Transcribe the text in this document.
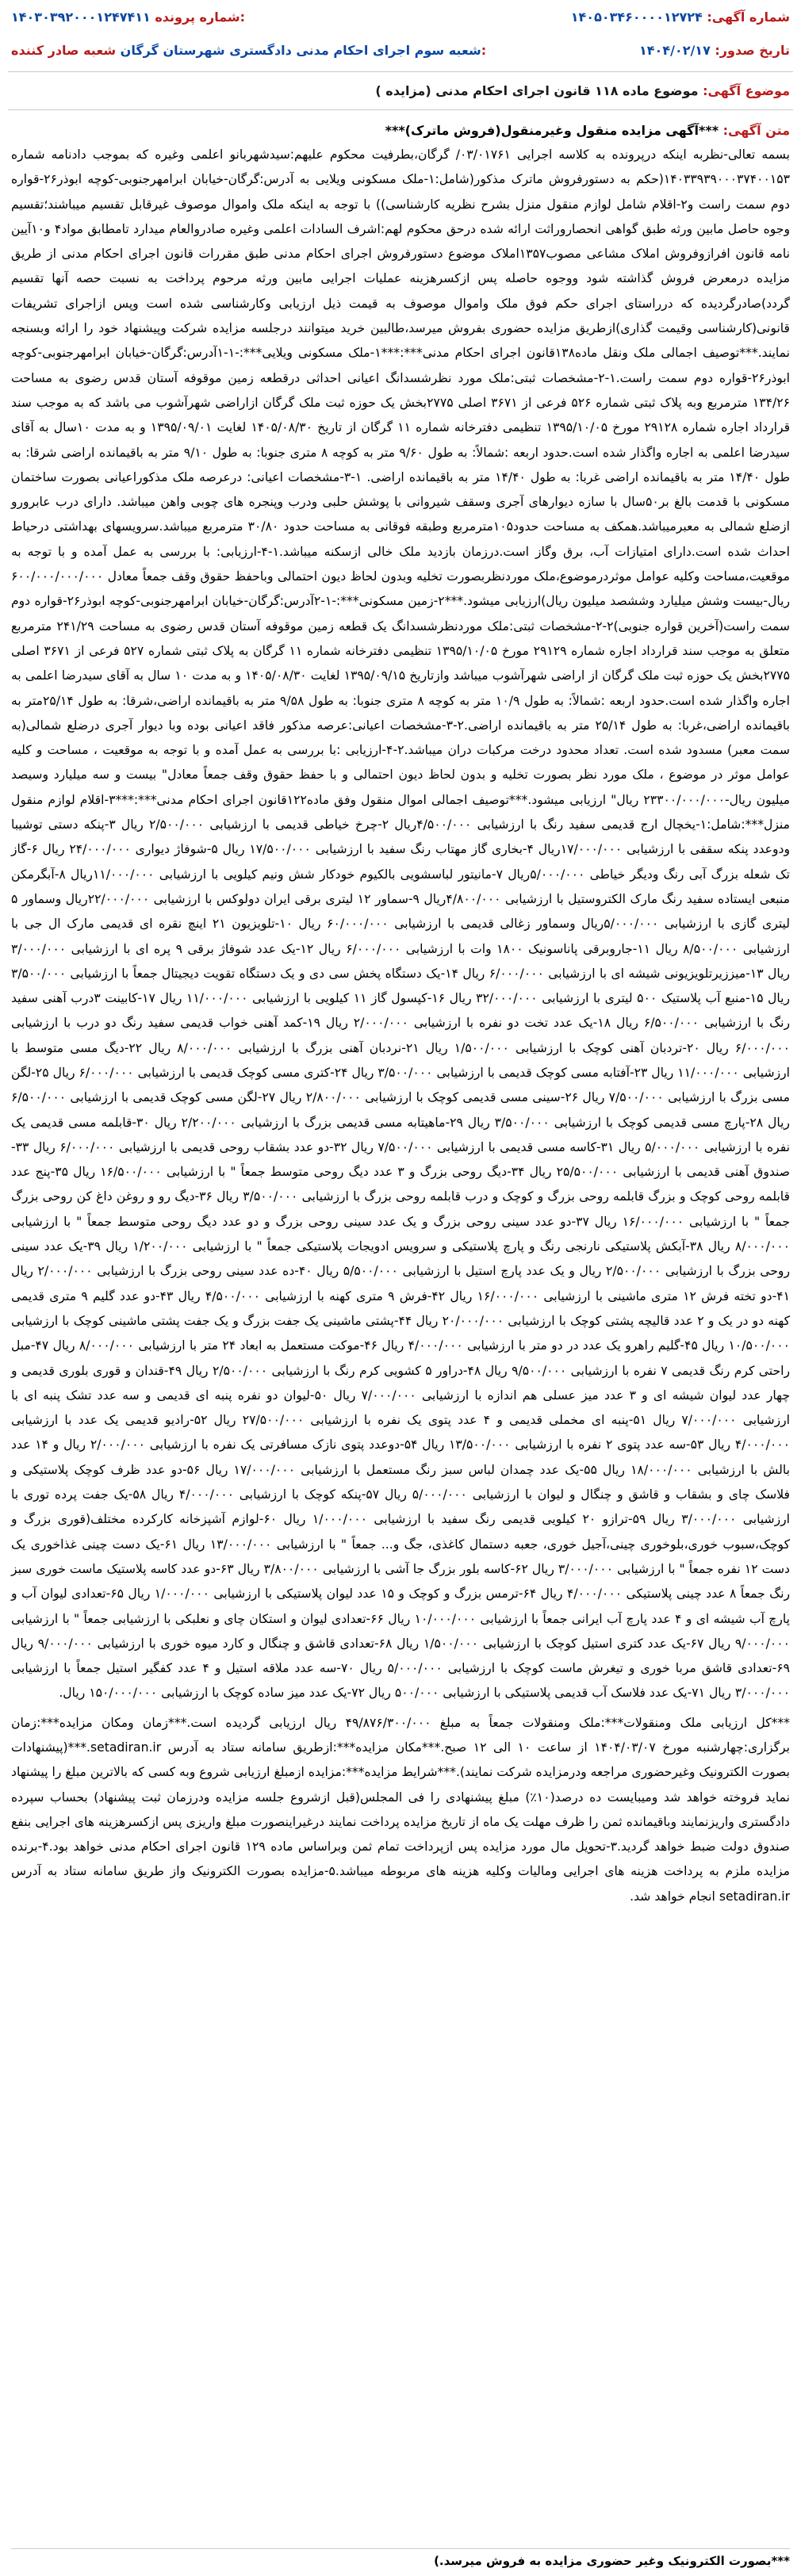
شماره آگهی: ۱۴۰۵۰۳۴۶۰۰۰۰۱۲۷۲۴	۱۴۰۳۰۳۹۲۰۰۰۱۲۴۷۴۱۱ شماره پرونده:
تاریخ صدور: ۱۴۰۴/۰۲/۱۷	شعبه سوم اجرای احکام مدنی دادگستری شهرستان گرگان شعبه صادر کننده:
موضوع آگهی: موضوع ماده ۱۱۸ قانون اجرای احکام مدنی (مزایده )
متن آگهی: ***آگهی مزایده منقول وغیرمنقول(فروش ماترک)***

بسمه تعالی-نظربه اینکه درپرونده به کلاسه اجرایی ۰۳/۰۱۷۶۱/ گرگان،بطرفیت محکوم علیهم:سیدشهربانو اعلمی وغیره که بموجب دادنامه شماره ۱۴۰۳۳۹۳۹۰۰۰۳۷۴۰۰۱۵۳(حکم به دستورفروش ماترک مذکور(شامل:۱-ملک مسکونی ویلایی به آدرس:گرگان-خیابان ابرامهرجنوبی-کوچه ابوذر۲۶-قواره دوم سمت راست و۲-اقلام شامل لوازم منقول منزل بشرح نظریه کارشناسی)) با توجه به اینکه ملک واموال موصوف غیرقابل تقسیم میباشند؛تقسیم وجوه حاصل مابین ورثه طبق گواهی انحصاروراثت ارائه شده درحق محکوم لهم:اشرف السادات اعلمی وغیره صادروالعام میدارد تامطابق مواد۴ و۱۰آیین نامه قانون افرازوفروش املاک مشاعی مصوب۱۳۵۷املاک موضوع دستورفروش اجرای احکام مدنی طبق مقررات قانون اجرای احکام مدنی از طریق مزایده درمعرض فروش گذاشته شود ووجوه حاصله پس ازکسرهزینه عملیات اجرایی مابین ورثه مرحوم پرداخت به نسبت حصه آنها تقسیم گردد)صادرگردیده که درراستای اجرای حکم فوق ملک واموال موصوف به قیمت ذیل ارزیابی وکارشناسی شده است وپس ازاجرای تشریفات قانونی(کارشناسی وقیمت گذاری)ازطریق مزایده حضوری بفروش میرسد،طالبین خرید میتوانند درجلسه مزایده شرکت وپیشنهاد خود را ارائه وبسنجه نمایند.***توصیف اجمالی ملک ونقل ماده۱۳۸قانون اجرای احکام مدنی***:***۱-ملک مسکونی ویلایی***:-۱-۱آدرس:گرگان-خیابان ابرامهرجنوبی-کوچه ابوذر۲۶-قواره دوم سمت راست.۱-۲-مشخصات ثبتی:ملک مورد نظرشسدانگ اعیانی احداثی درقطعه زمین موقوفه آستان قدس رضوی به مساحت ۱۳۴/۲۶ مترمربع وبه پلاک ثبتی شماره ۵۲۶ فرعی از ۳۶۷۱ اصلی ۲۷۷۵بخش یک حوزه ثبت ملک گرگان ازاراضی شهرآشوب می باشد که به موجب سند قرارداد اجاره شماره ۲۹۱۲۸ مورخ ۱۳۹۵/۱۰/۰۵ تنظیمی دفترخانه شماره ۱۱ گرگان از تاریخ ۱۴۰۵/۰۸/۳۰ لغایت ۱۳۹۵/۰۹/۰۱ و به مدت ۱۰سال به آقای سیدرضا اعلمی به اجاره واگذار شده است.حدود اربعه :شمالاً: به طول ۹/۶۰ متر به کوچه ۸ متری جنوبا: به طول ۹/۱۰ متر به باقیمانده اراضی شرقا: به طول ۱۴/۴۰ متر به باقیمانده اراضی غربا: به طول ۱۴/۴۰ متر به باقیمانده اراضی. ۱-۳-مشخصات اعیانی: درعرصه ملک مذکوراعیانی بصورت ساختمان مسکونی با قدمت بالغ بر۵۰سال با سازه دیوارهای آجری وسقف شیروانی با پوشش حلبی ودرب وپنجره های چوبی واهن میباشد. دارای درب عابرورو ازضلع شمالی به معبرمیباشد.همکف به مساحت حدود۱۰۵مترمربع وطبقه فوقانی به مساحت حدود ۳۰/۸۰ مترمربع میباشد.سرویسهای بهداشتی درحیاط احداث شده است.دارای امتیازات آب، برق وگاز است.درزمان بازدید ملک خالی ازسکنه میباشد.۱-۴-ارزیابی: با بررسی به عمل آمده و با توجه به موقعیت،مساحت وکلیه عوامل موثردرموضوع،ملک موردنظربصورت تخلیه وبدون لحاظ دیون احتمالی وباحفظ حقوق وقف جمعاً معادل ۶۰۰/۰۰۰/۰۰۰/۰۰۰ ریال-بیست وشش میلیارد وششصد میلیون ریال)ارزیابی میشود.***۲-زمین مسکونی***:-۱-۲آدرس:گرگان-خیابان ابرامهرجنوبی-کوچه ابوذر۲۶-قواره دوم سمت راست(آخرین قواره جنوبی)۲-۲-مشخصات ثبتی:ملک موردنظرشسدانگ یک قطعه زمین موقوفه آستان قدس رضوی به مساحت ۲۴۱/۲۹ مترمربع متعلق به موجب سند قرارداد اجاره شماره ۲۹۱۲۹ مورخ ۱۳۹۵/۱۰/۰۵ تنظیمی دفترخانه شماره ۱۱ گرگان به پلاک ثبتی شماره ۵۲۷ فرعی از ۳۶۷۱ اصلی ۲۷۷۵بخش یک حوزه ثبت ملک گرگان از اراضی شهرآشوب میباشد وازتاریخ ۱۳۹۵/۰۹/۱۵ لغایت ۱۴۰۵/۰۸/۳۰ و به مدت ۱۰ سال به آقای سیدرضا اعلمی به اجاره واگذار شده است.حدود اربعه :شمالاً: به طول ۱۰/۹ متر به کوچه ۸ متری جنوبا: به طول ۹/۵۸ متر به باقیمانده اراضی،شرقا: به طول ۲۵/۱۴متر به باقیمانده اراضی،غربا: به طول ۲۵/۱۴ متر به باقیمانده اراضی.۲-۳-مشخصات اعیانی:عرصه مذکور فاقد اعیانی بوده وبا دیوار آجری درضلع شمالی(به سمت معبر) مسدود شده است. تعداد محدود درخت مرکبات دران میباشد.۲-۴-ارزیابی :با بررسی به عمل آمده و با توجه به موقعیت ، مساحت و کلیه عوامل موثر در موضوع ، ملک مورد نظر بصورت تخلیه و بدون لحاظ دیون احتمالی و با حفظ حقوق وقف جمعاً معادل" بیست و سه میلیارد وسیصد میلیون ریال-۲۳۳۰۰/۰۰۰/۰۰۰ ریال" ارزیابی میشود.***توصیف اجمالی اموال منقول وفق ماده۱۲۲قانون اجرای احکام مدنی***:***۳-اقلام لوازم منقول منزل***:شامل:۱-یخچال ارج قدیمی سفید رنگ با ارزشیابی ۴/۵۰۰/۰۰۰ریال ۲-چرخ خیاطی قدیمی با ارزشیابی ۲/۵۰۰/۰۰۰ ریال ۳-پنکه دستی توشیبا ودوعدد پنکه سقفی با ارزشیابی ۱۷/۰۰۰/۰۰۰ریال ۴-بخاری گاز مهتاب رنگ سفید با ارزشیابی ۱۷/۵۰۰/۰۰۰ ریال ۵-شوفاژ دیواری ۲۴/۰۰۰/۰۰۰ ریال ۶-گاز تک شعله بزرگ آبی رنگ ودیگر خیاطی ۵/۰۰۰/۰۰۰ریال ۷-مانیتور لباسشویی بالکیوم خودکار شش ونیم کیلویی با ارزشیابی ۱۱/۰۰۰/۰۰۰ریال ۸-آبگرمکن منبعی ایستاده سفید رنگ مارک الکتروستیل با ارزشیابی ۴/۸۰۰/۰۰۰ریال ۹-سماور ۱۲ لیتری برقی ایران دولوکس با ارزشیابی ۲۲/۰۰۰/۰۰۰ریال وسماور ۵ لیتری گازی با ارزشیابی ۵/۰۰۰/۰۰۰ریال وسماور زغالی قدیمی با ارزشیابی ۶۰/۰۰۰/۰۰۰ ریال ۱۰-تلویزیون ۲۱ اینچ نقره ای قدیمی مارک ال جی با ارزشیابی ۸/۵۰۰/۰۰۰ ریال ۱۱-جاروبرقی پاناسونیک ۱۸۰۰ وات با ارزشیابی ۶/۰۰۰/۰۰۰ ریال ۱۲-یک عدد شوفاژ برقی ۹ پره ای با ارزشیابی ۳/۰۰۰/۰۰۰ ریال ۱۳-میززیرتلویزیونی شیشه ای با ارزشیابی ۶/۰۰۰/۰۰۰ ریال ۱۴-یک دستگاه پخش سی دی و یک دستگاه تقویت دیجیتال جمعاً با ارزشیابی ۳/۵۰۰/۰۰۰ ریال ۱۵-منبع آب پلاستیک ۵۰۰ لیتری با ارزشیابی ۳۲/۰۰۰/۰۰۰ ریال ۱۶-کپسول گاز ۱۱ کیلویی با ارزشیابی ۱۱/۰۰۰/۰۰۰ ریال ۱۷-کابینت ۳درب آهنی سفید رنگ با ارزشیابی ۶/۵۰۰/۰۰۰ ریال ۱۸-یک عدد تخت دو نفره با ارزشیابی ۲/۰۰۰/۰۰۰ ریال ۱۹-کمد آهنی خواب قدیمی سفید رنگ دو درب با ارزشیابی ۶/۰۰۰/۰۰۰ ریال ۲۰-تردبان آهنی کوچک با ارزشیابی ۱/۵۰۰/۰۰۰ ریال ۲۱-نردبان آهنی بزرگ با ارزشیابی ۸/۰۰۰/۰۰۰ ریال ۲۲-دیگ مسی متوسط با ارزشیابی ۱۱/۰۰۰/۰۰۰ ریال ۲۳-آفتابه مسی کوچک قدیمی با ارزشیابی ۳/۵۰۰/۰۰۰ ریال ۲۴-کتری مسی کوچک قدیمی با ارزشیابی ۶/۰۰۰/۰۰۰ ریال ۲۵-لگن مسی بزرگ با ارزشیابی ۷/۵۰۰/۰۰۰ ریال ۲۶-سینی مسی قدیمی کوچک با ارزشیابی ۲/۸۰۰/۰۰۰ ریال ۲۷-لگن مسی کوچک قدیمی با ارزشیابی ۶/۵۰۰/۰۰۰ ریال ۲۸-پارچ مسی قدیمی کوچک با ارزشیابی ۳/۵۰۰/۰۰۰ ریال ۲۹-ماهیتابه مسی قدیمی بزرگ با ارزشیابی ۲/۲۰۰/۰۰۰ ریال ۳۰-قابلمه مسی قدیمی یک نفره با ارزشیابی ۵/۰۰۰/۰۰۰ ریال ۳۱-کاسه مسی قدیمی با ارزشیابی ۷/۵۰۰/۰۰۰ ریال ۳۲-دو عدد بشقاب روحی قدیمی با ارزشیابی ۶/۰۰۰/۰۰۰ ریال ۳۳-صندوق آهنی قدیمی با ارزشیابی ۲۵/۵۰۰/۰۰۰ ریال ۳۴-دیگ روحی بزرگ و ۳ عدد دیگ روحی متوسط جمعاً " با ارزشیابی ۱۶/۵۰۰/۰۰۰ ریال ۳۵-پنج عدد قابلمه روحی کوچک و بزرگ قابلمه روحی بزرگ و کوچک و درب قابلمه روحی بزرگ با ارزشیابی ۳/۵۰۰/۰۰۰ ریال ۳۶-دیگ رو و روغن داغ کن روحی بزرگ جمعاً " با ارزشیابی ۱۶/۰۰۰/۰۰۰ ریال ۳۷-دو عدد سینی روحی بزرگ و یک عدد سینی روحی بزرگ و دو عدد دیگ روحی متوسط جمعاً " با ارزشیابی ۸/۰۰۰/۰۰۰ ریال ۳۸-آبکش پلاستیکی نارنجی رنگ و پارچ پلاستیکی و سرویس ادویجات پلاستیکی جمعاً " با ارزشیابی ۱/۲۰۰/۰۰۰ ریال ۳۹-یک عدد سینی روحی بزرگ با ارزشیابی ۲/۵۰۰/۰۰۰ ریال و یک عدد پارچ استیل با ارزشیابی ۵/۵۰۰/۰۰۰ ریال ۴۰-ده عدد سینی روحی بزرگ با ارزشیابی ۲/۰۰۰/۰۰۰ ریال ۴۱-دو تخته فرش ۱۲ متری ماشینی با ارزشیابی ۱۶/۰۰۰/۰۰۰ ریال ۴۲-فرش ۹ متری کهنه با ارزشیابی ۴/۵۰۰/۰۰۰ ریال ۴۳-دو عدد گلیم ۹ متری قدیمی کهنه دو در یک و ۲ عدد قالیچه پشتی کوچک با ارزشیابی ۲۰/۰۰۰/۰۰۰ ریال ۴۴-پشتی ماشینی یک جفت بزرگ و یک جفت پشتی ماشینی کوچک با ارزشیابی ۱۰/۵۰۰/۰۰۰ ریال ۴۵-گلیم راهرو یک عدد در دو متر با ارزشیابی ۴/۰۰۰/۰۰۰ ریال ۴۶-موکت مستعمل به ابعاد ۲۴ متر با ارزشیابی ۸/۰۰۰/۰۰۰ ریال ۴۷-مبل راحتی کرم رنگ قدیمی ۷ نفره با ارزشیابی ۹/۵۰۰/۰۰۰ ریال ۴۸-دراور ۵ کشویی کرم رنگ با ارزشیابی ۲/۵۰۰/۰۰۰ ریال ۴۹-قندان و قوری بلوری قدیمی و چهار عدد لیوان شیشه ای و ۳ عدد میز عسلی هم اندازه با ارزشیابی ۷/۰۰۰/۰۰۰ ریال ۵۰-لیوان دو نفره پنبه ای قدیمی و سه عدد تشک پنبه ای با ارزشیابی ۷/۰۰۰/۰۰۰ ریال ۵۱-پنبه ای مخملی قدیمی و ۴ عدد پتوی یک نفره با ارزشیابی ۲۷/۵۰۰/۰۰۰ ریال ۵۲-رادیو قدیمی یک عدد با ارزشیابی ۴/۰۰۰/۰۰۰ ریال ۵۳-سه عدد پتوی ۲ نفره با ارزشیابی ۱۳/۵۰۰/۰۰۰ ریال ۵۴-دوعدد پتوی نازک مسافرتی یک نفره با ارزشیابی ۲/۰۰۰/۰۰۰ ریال و ۱۴ عدد بالش با ارزشیابی ۱۸/۰۰۰/۰۰۰ ریال ۵۵-یک عدد چمدان لباس سبز رنگ مستعمل با ارزشیابی ۱۷/۰۰۰/۰۰۰ ریال ۵۶-دو عدد ظرف کوچک پلاستیکی و فلاسک چای و بشقاب و قاشق و چنگال و لیوان با ارزشیابی ۵/۰۰۰/۰۰۰ ریال ۵۷-پنکه کوچک با ارزشیابی ۴/۰۰۰/۰۰۰ ریال ۵۸-یک جفت پرده توری با ارزشیابی ۳/۰۰۰/۰۰۰ ریال ۵۹-ترازو ۲۰ کیلویی قدیمی رنگ سفید با ارزشیابی ۱/۰۰۰/۰۰۰ ریال ۶۰-لوازم آشپزخانه کارکرده مختلف(قوری بزرگ و کوچک،سبوب خوری،بلوخوری چینی،آجیل خوری، جعبه دستمال کاغذی، جگ و... جمعاً " با ارزشیابی ۱۳/۰۰۰/۰۰۰ ریال ۶۱-یک دست چینی غذاخوری یک دست ۱۲ نفره جمعاً " با ارزشیابی ۳/۰۰۰/۰۰۰ ریال ۶۲-کاسه بلور بزرگ جا آشی با ارزشیابی ۳/۸۰۰/۰۰۰ ریال ۶۳-دو عدد کاسه پلاستیک ماست خوری سبز رنگ جمعاً ۸ عدد چینی پلاستیکی ۴/۰۰۰/۰۰۰ ریال ۶۴-ترمس بزرگ و کوچک و ۱۵ عدد لیوان پلاستیکی با ارزشیابی ۱/۰۰۰/۰۰۰ ریال ۶۵-تعدادی لیوان آب و پارچ آب شیشه ای و ۴ عدد پارچ آب ایرانی جمعاً با ارزشیابی ۱۰/۰۰۰/۰۰۰ ریال ۶۶-تعدادی لیوان و استکان چای و نعلبکی با ارزشیابی جمعاً " با ارزشیابی ۹/۰۰۰/۰۰۰ ریال ۶۷-یک عدد کتری استیل کوچک با ارزشیابی ۱/۵۰۰/۰۰۰ ریال ۶۸-تعدادی قاشق و چنگال و کارد میوه خوری با ارزشیابی ۹/۰۰۰/۰۰۰ ریال ۶۹-تعدادی قاشق مربا خوری و تیغرش ماست کوچک با ارزشیابی ۵/۰۰۰/۰۰۰ ریال ۷۰-سه عدد ملاقه استیل و ۴ عدد کفگیر استیل جمعاً با ارزشیابی ۳/۰۰۰/۰۰۰ ریال ۷۱-یک عدد فلاسک آب قدیمی پلاستیکی با ارزشیابی ۵۰۰/۰۰۰ ریال ۷۲-یک عدد میز ساده کوچک با ارزشیابی ۱۵۰/۰۰۰/۰۰۰ ریال.

***کل ارزیابی ملک ومنقولات***:ملک ومنقولات جمعاً به مبلغ ۴۹/۸۷۶/۳۰۰/۰۰۰ ریال ارزیابی گردیده است.***زمان ومکان مزایده***:زمان برگزاری:چهارشنبه مورخ ۱۴۰۴/۰۳/۰۷ از ساعت ۱۰ الی ۱۲ صبح.***مکان مزایده***:ازطریق سامانه ستاد به آدرس setadiran.ir.***(پیشنهادات بصورت الکترونیک وغیرحضوری مراجعه ودرمزایده شرکت نمایند).***شرایط مزایده***:مزایده ازمبلغ ارزیابی شروع وبه کسی که بالاترین مبلغ را پیشنهاد نماید فروخته خواهد شد ومیبایست ده درصد(۱۰٪) مبلغ پیشنهادی را فی المجلس(قبل ازشروع جلسه مزایده ودرزمان ثبت پیشنهاد) بحساب سپرده دادگستری واریزنمایند وباقیمانده ثمن را ظرف مهلت یک ماه از تاریخ مزایده پرداخت نمایند درغیراینصورت مبلغ واریزی پس ازکسرهزینه های اجرایی بنفع صندوق دولت ضبط خواهد گردید.۳-تحویل مال مورد مزایده پس ازپرداخت تمام ثمن وبراساس ماده ۱۲۹ قانون اجرای احکام مدنی خواهد بود.۴-برنده مزایده ملزم به پرداخت هزینه های اجرایی ومالیات وکلیه هزینه های مربوطه میباشد.۵-مزایده بصورت الکترونیک واز طریق سامانه ستاد به آدرس setadiran.ir انجام خواهد شد.

***بصورت الکترونیک وغیر حضوری مزایده به فروش میرسد.)
